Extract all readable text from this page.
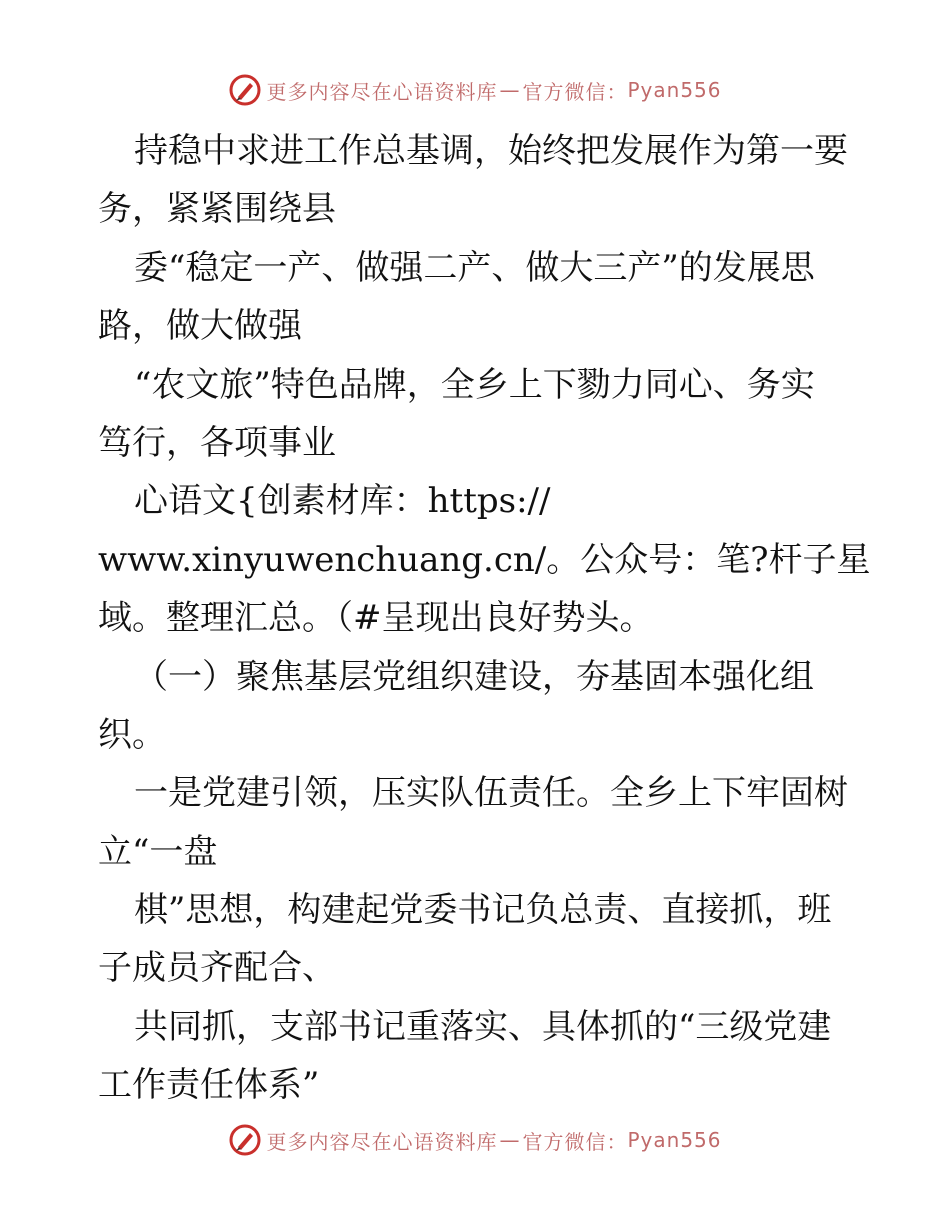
更多内容尽在心语资料库 — 官方微信： Pyan556
持稳中求进工作总基调，始终把发展作为第一要
务，紧紧围绕县
委“稳定一产、做强二产、做大三产”的发展思
路，做大做强
“农文旅”特色品牌，全乡上下勠力同心、务实
笃行，各项事业
心语文{创素材库：https://
www.xinyuwenchuang.cn/。公众号：笔?杆子星
域。整理汇总。（#呈现出良好势头。
（一）聚焦基层党组织建设，夯基固本强化组
织。
一是党建引领，压实队伍责任。全乡上下牢固树
立“一盘
棋”思想，构建起党委书记负总责、直接抓，班
子成员齐配合、
共同抓，支部书记重落实、具体抓的“三级党建
工作责任体系”
更多内容尽在心语资料库 — 官方微信： Pyan556
